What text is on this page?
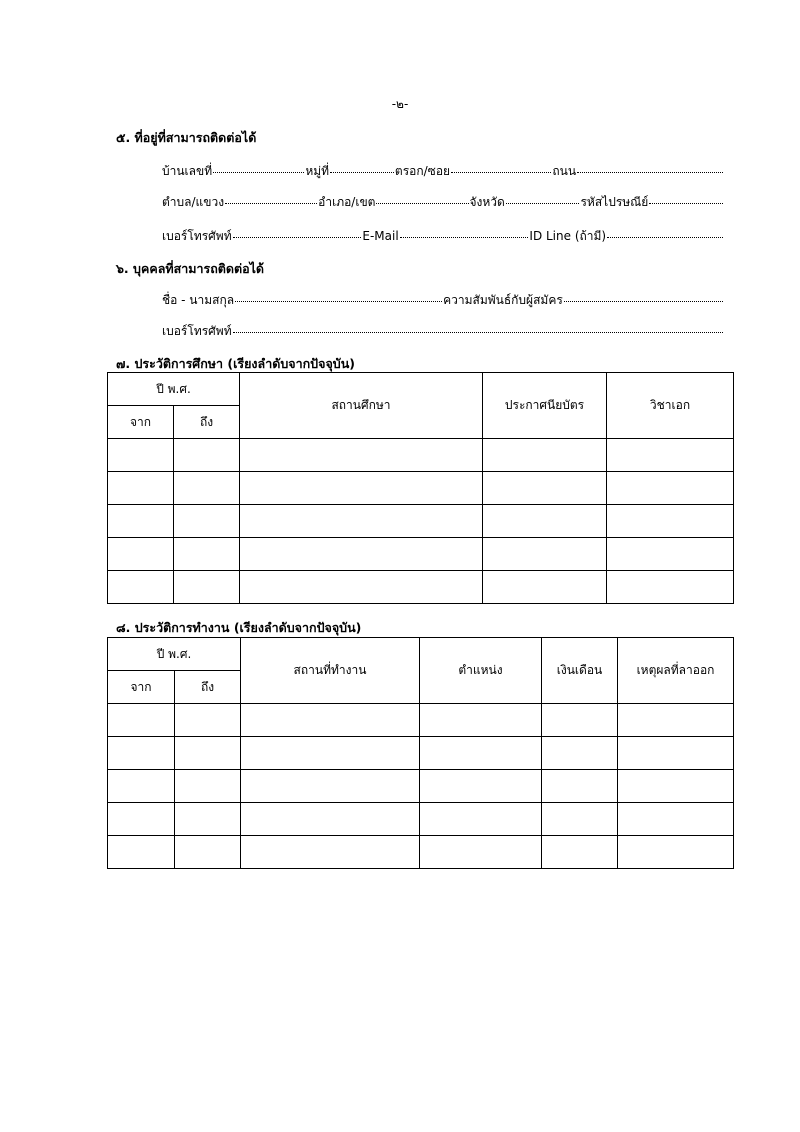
-๒-
๕. ที่อยู่ที่สามารถติดต่อได้
บ้านเลขที่	หมู่ที่	ตรอก/ซอย	ถนน
ตำบล/แขวง	อำเภอ/เขต	จังหวัด	รหัสไปรษณีย์
เบอร์โทรศัพท์	E-Mail	ID Line (ถ้ามี)
๖. บุคคลที่สามารถติดต่อได้
ชื่อ - นามสกุล	ความสัมพันธ์กับผู้สมัคร
เบอร์โทรศัพท์
๗. ประวัติการศึกษา (เรียงลำดับจากปัจจุบัน)
ปี พ.ศ.		สถานศึกษา	ประกาศนียบัตร	วิชาเอก
จาก	ถึง			

๘. ประวัติการทำงาน (เรียงลำดับจากปัจจุบัน)
ปี พ.ศ.		สถานที่ทำงาน	ตำแหน่ง	เงินเดือน	เหตุผลที่ลาออก
จาก	ถึง				
